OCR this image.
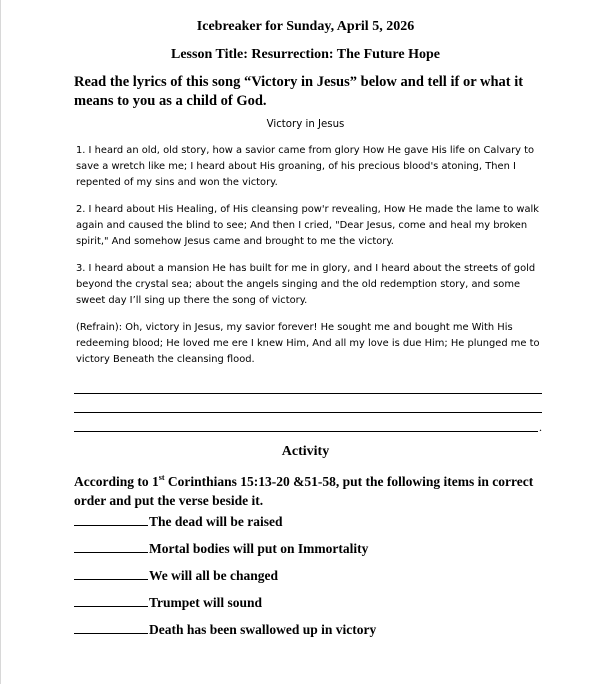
Icebreaker for Sunday, April 5, 2026
Lesson Title: Resurrection: The Future Hope
Read the lyrics of this song “Victory in Jesus” below and tell if or what it means to you as a child of God.
Victory in Jesus
1. I heard an old, old story, how a savior came from glory How He gave His life on Calvary to save a wretch like me; I heard about His groaning, of his precious blood's atoning, Then I repented of my sins and won the victory.
2. I heard about His Healing, of His cleansing pow'r revealing, How He made the lame to walk again and caused the blind to see; And then I cried, "Dear Jesus, come and heal my broken spirit," And somehow Jesus came and brought to me the victory.
3. I heard about a mansion He has built for me in glory, and I heard about the streets of gold beyond the crystal sea; about the angels singing and the old redemption story, and some sweet day I’ll sing up there the song of victory.
(Refrain): Oh, victory in Jesus, my savior forever! He sought me and bought me With His redeeming blood; He loved me ere I knew Him, And all my love is due Him; He plunged me to victory Beneath the cleansing flood.
.
Activity
According to 1st Corinthians 15:13-20 &51-58, put the following items in correct order and put the verse beside it.
The dead will be raised
Mortal bodies will put on Immortality
We will all be changed
Trumpet will sound
Death has been swallowed up in victory
